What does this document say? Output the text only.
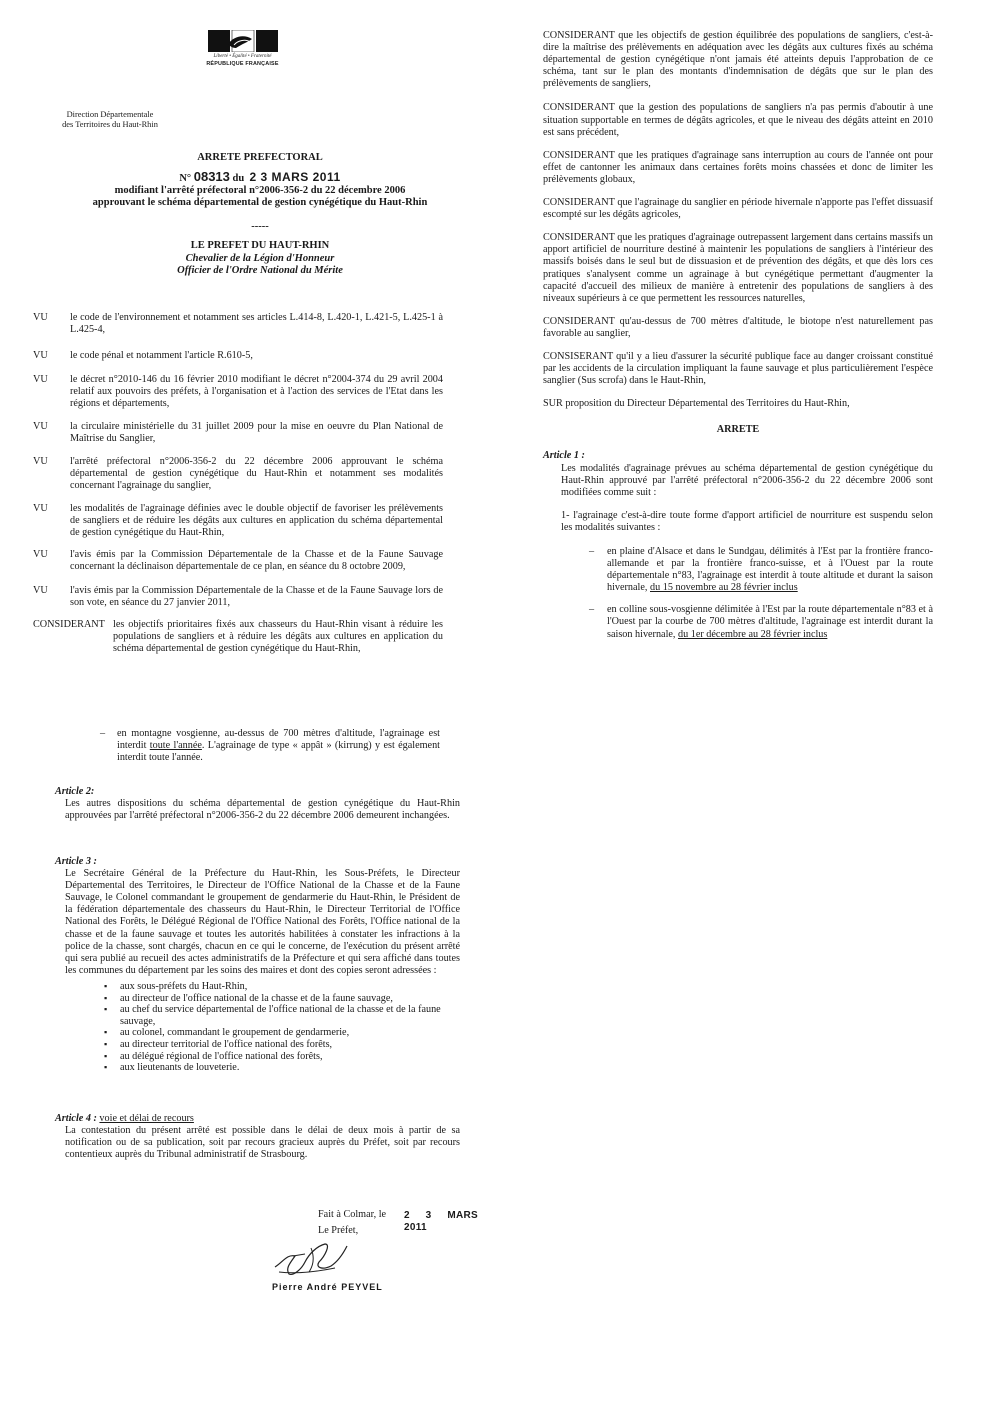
Liberté • Égalité • Fraternité
RÉPUBLIQUE FRANÇAISE
Direction Départementale
des Territoires du Haut-Rhin
ARRETE PREFECTORAL
N° 08313 du 2 3 MARS 2011
modifiant l'arrêté préfectoral n°2006-356-2 du 22 décembre 2006
approuvant le schéma départemental de gestion cynégétique du Haut-Rhin
-----
LE PREFET DU HAUT-RHIN
Chevalier de la Légion d'Honneur
Officier de l'Ordre National du Mérite
VU le code de l'environnement et notamment ses articles L.414-8, L.420-1, L.421-5, L.425-1 à L.425-4,

VU le code pénal et notamment l'article R.610-5,

VU le décret n°2010-146 du 16 février 2010 modifiant le décret n°2004-374 du 29 avril 2004 relatif aux pouvoirs des préfets, à l'organisation et à l'action des services de l'Etat dans les régions et départements,

VU la circulaire ministérielle du 31 juillet 2009 pour la mise en oeuvre du Plan National de Maîtrise du Sanglier,

VU l'arrêté préfectoral n°2006-356-2 du 22 décembre 2006 approuvant le schéma départemental de gestion cynégétique du Haut-Rhin et notamment ses modalités concernant l'agrainage du sanglier,

VU les modalités de l'agrainage définies avec le double objectif de favoriser les prélèvements de sangliers et de réduire les dégâts aux cultures en application du schéma départemental de gestion cynégétique du Haut-Rhin,

VU l'avis émis par la Commission Départementale de la Chasse et de la Faune Sauvage concernant la déclinaison départementale de ce plan, en séance du 8 octobre 2009,

VU l'avis émis par la Commission Départementale de la Chasse et de la Faune Sauvage lors de son vote, en séance du 27 janvier 2011,

CONSIDERANT les objectifs prioritaires fixés aux chasseurs du Haut-Rhin visant à réduire les populations de sangliers et à réduire les dégâts aux cultures en application du schéma départemental de gestion cynégétique du Haut-Rhin,

CONSIDERANT que les objectifs de gestion équilibrée des populations de sangliers, c'est-à-dire la maîtrise des prélèvements en adéquation avec les dégâts aux cultures fixés au schéma départemental de gestion cynégétique n'ont jamais été atteints depuis l'approbation de ce schéma, tant sur le plan des montants d'indemnisation de dégâts que sur le plan des prélèvements de sangliers,

CONSIDERANT que la gestion des populations de sangliers n'a pas permis d'aboutir à une situation supportable en termes de dégâts agricoles, et que le niveau des dégâts atteint en 2010 est sans précédent,

CONSIDERANT que les pratiques d'agrainage sans interruption au cours de l'année ont pour effet de cantonner les animaux dans certaines forêts moins chassées et donc de limiter les prélèvements globaux,

CONSIDERANT que l'agrainage du sanglier en période hivernale n'apporte pas l'effet dissuasif escompté sur les dégâts agricoles,

CONSIDERANT que les pratiques d'agrainage outrepassent largement dans certains massifs un apport artificiel de nourriture destiné à maintenir les populations de sangliers à l'intérieur des massifs boisés dans le seul but de dissuasion et de prévention des dégâts, et que dès lors ces pratiques s'analysent comme un agrainage à but cynégétique permettant d'augmenter la capacité d'accueil des milieux de manière à entretenir des populations de sangliers à des niveaux supérieurs à ce que permettent les ressources naturelles,

CONSIDERANT qu'au-dessus de 700 mètres d'altitude, le biotope n'est naturellement pas favorable au sanglier,

CONSISERANT qu'il y a lieu d'assurer la sécurité publique face au danger croissant constitué par les accidents de la circulation impliquant la faune sauvage et plus particulièrement l'espèce sanglier (Sus scrofa) dans le Haut-Rhin,

SUR proposition du Directeur Départemental des Territoires du Haut-Rhin,

ARRETE

Article 1 :

Les modalités d'agrainage prévues au schéma départemental de gestion cynégétique du Haut-Rhin approuvé par l'arrêté préfectoral n°2006-356-2 du 22 décembre 2006 sont modifiées comme suit :

1- l'agrainage c'est-à-dire toute forme d'apport artificiel de nourriture est suspendu selon les modalités suivantes :

–	en plaine d'Alsace et dans le Sundgau, délimités à l'Est par la frontière franco-allemande et par la frontière franco-suisse, et à l'Ouest par la route départementale n°83, l'agrainage est interdit à toute altitude et durant la saison hivernale, du 15 novembre au 28 février inclus

–	en colline sous-vosgienne délimitée à l'Est par la route départementale n°83 et à l'Ouest par la courbe de 700 mètres d'altitude, l'agrainage est interdit durant la saison hivernale, du 1er décembre au 28 février inclus

– en montagne vosgienne, au-dessus de 700 mètres d'altitude, l'agrainage est interdit toute l'année. L'agrainage de type « appât » (kirrung) y est également interdit toute l'année.

Article 2:

Les autres dispositions du schéma départemental de gestion cynégétique du Haut-Rhin approuvées par l'arrêté préfectoral n°2006-356-2 du 22 décembre 2006 demeurent inchangées.

Article 3 :

Le Secrétaire Général de la Préfecture du Haut-Rhin, les Sous-Préfets, le Directeur Départemental des Territoires, le Directeur de l'Office National de la Chasse et de la Faune Sauvage, le Colonel commandant le groupement de gendarmerie du Haut-Rhin, le Président de la fédération départementale des chasseurs du Haut-Rhin, le Directeur Territorial de l'Office National des Forêts, le Délégué Régional de l'Office National des Forêts, l'Office national de la chasse et de la faune sauvage et toutes les autorités habilitées à constater les infractions à la police de la chasse, sont chargés, chacun en ce qui le concerne, de l'exécution du présent arrêté qui sera publié au recueil des actes administratifs de la Préfecture et qui sera affiché dans toutes les communes du département par les soins des maires et dont des copies seront adressées :

▪ aux sous-préfets du Haut-Rhin,
▪ au directeur de l'office national de la chasse et de la faune sauvage,
▪ au chef du service départemental de l'office national de la chasse et de la faune sauvage,
▪ au colonel, commandant le groupement de gendarmerie,
▪ au directeur territorial de l'office national des forêts,
▪ au délégué régional de l'office national des forêts,
▪ aux lieutenants de louveterie.
Article 4 : voie et délai de recours

La contestation du présent arrêté est possible dans le délai de deux mois à partir de sa notification ou de sa publication, soit par recours gracieux auprès du Préfet, soit par recours contentieux auprès du Tribunal administratif de Strasbourg.

Fait à Colmar, le 2 3 MARS 2011
Le Préfet,
Pierre André PEYVEL
